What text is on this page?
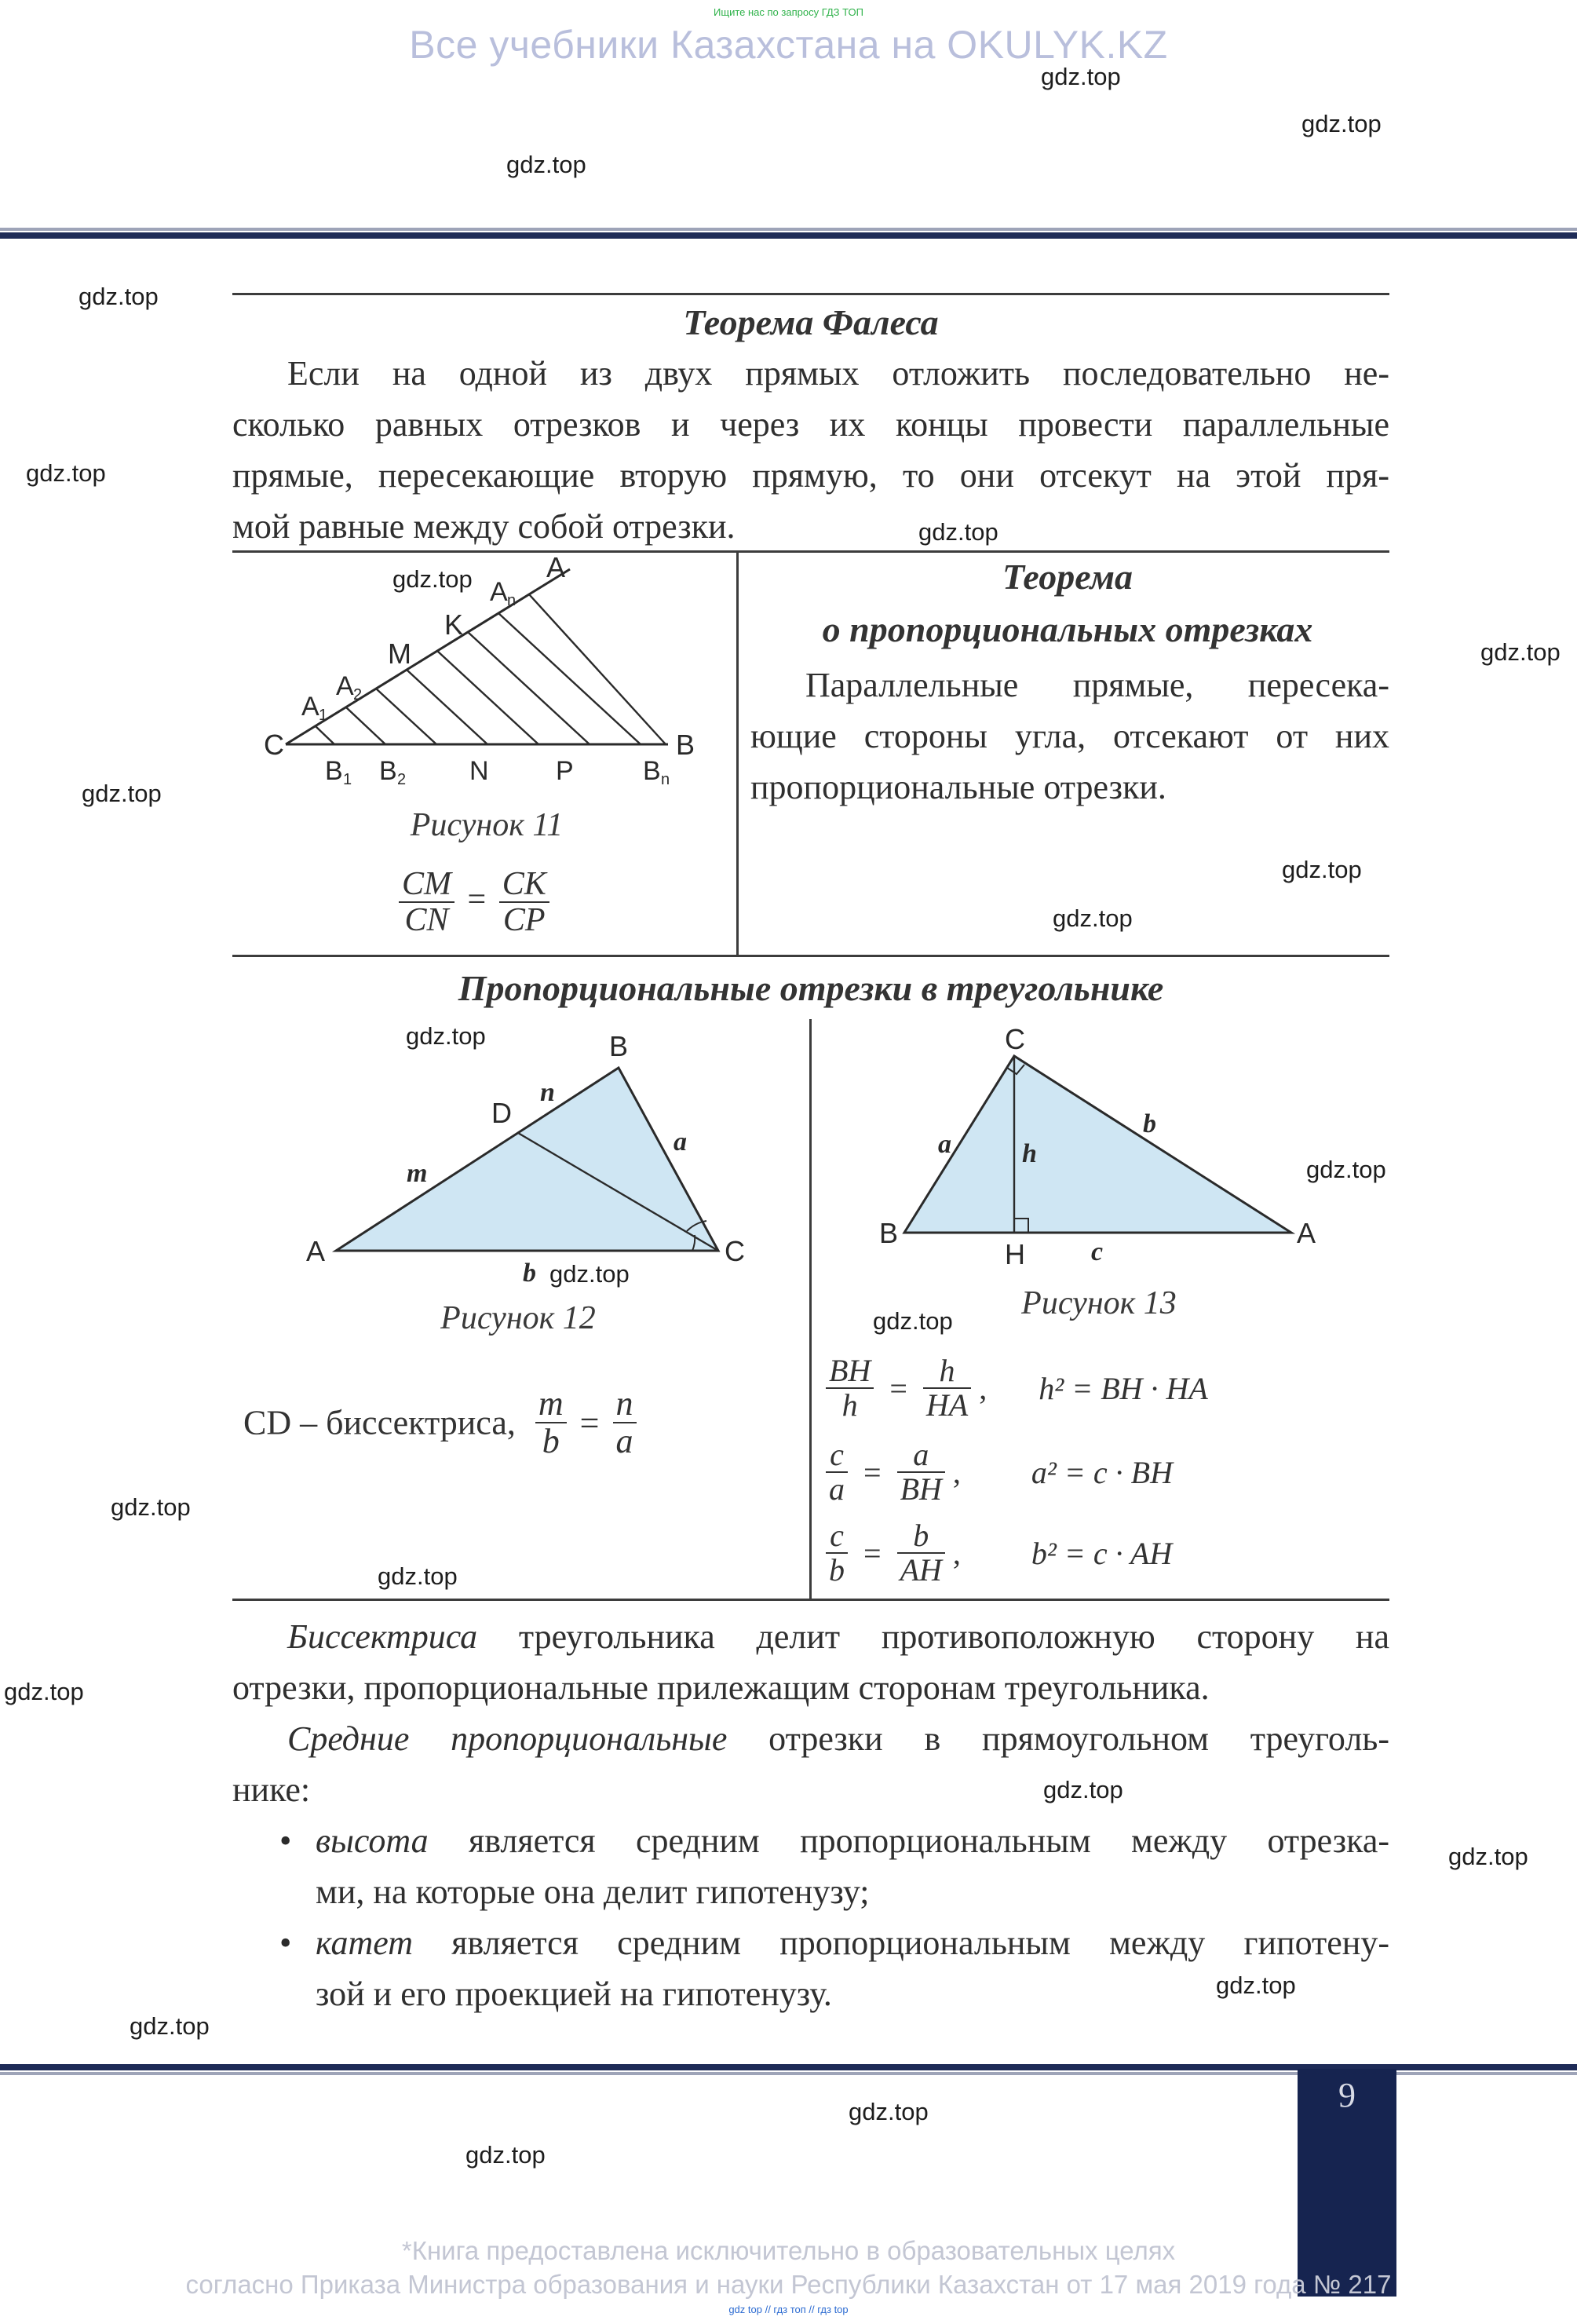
Ищите нас по запросу ГДЗ ТОП
Все учебники Казахстана на OKULYK.KZ
gdz.top
gdz.top
gdz.top
gdz.top
gdz.top
gdz.top
gdz.top
gdz.top
gdz.top
gdz.top
gdz.top
gdz.top
gdz.top
gdz.top
gdz.top
gdz.top
gdz.top
gdz.top
gdz.top
gdz.top
gdz.top
gdz.top
gdz.top
gdz.top
Теорема Фалеса
Если на одной из двух прямых отложить последовательно не-
сколько равных отрезков и через их концы провести параллельные
прямые, пересекающие вторую прямую, то они отсекут на этой пря-
мой равные между собой отрезки.
A
A n
K
M
A 2
A 1
C	B
B 1 B 2 N	P	B n
Рисунок 11
$\frac{CM}{CN} = \frac{CK}{CP}$
Теорема
о пропорциональных отрезках
Параллельные прямые, пересека-
ющие стороны угла, отсекают от них
пропорциональные отрезки.
Пропорциональные отрезки в треугольнике
A
B
C
D
m
n
a
b
Рисунок 12
CD – биссектриса, $\frac{m}{b} = \frac{n}{a}$
C
B
H
A
a
b
c
h
Рисунок 13
$\frac{BH}{h} = \frac{h}{HA}$ , h² = BH · HA
$\frac{c}{a} = \frac{a}{BH}$ , a² = c · BH
$\frac{c}{b} = \frac{b}{AH}$ , b² = c · AH
Биссектриса треугольника делит противоположную сторону на
отрезки, пропорциональные прилежащим сторонам треугольника.
Средние пропорциональные отрезки в прямоугольном треуголь-
нике:
• высота является средним пропорциональным между отрезка-
ми, на которые она делит гипотенузу;
• катет является средним пропорциональным между гипотену-
зой и его проекцией на гипотенузу.
9
*Книга предоставлена исключительно в образовательных целях
согласно Приказа Министра образования и науки Республики Казахстан от 17 мая 2019 года № 217
gdz top // гдз топ // гдз top
